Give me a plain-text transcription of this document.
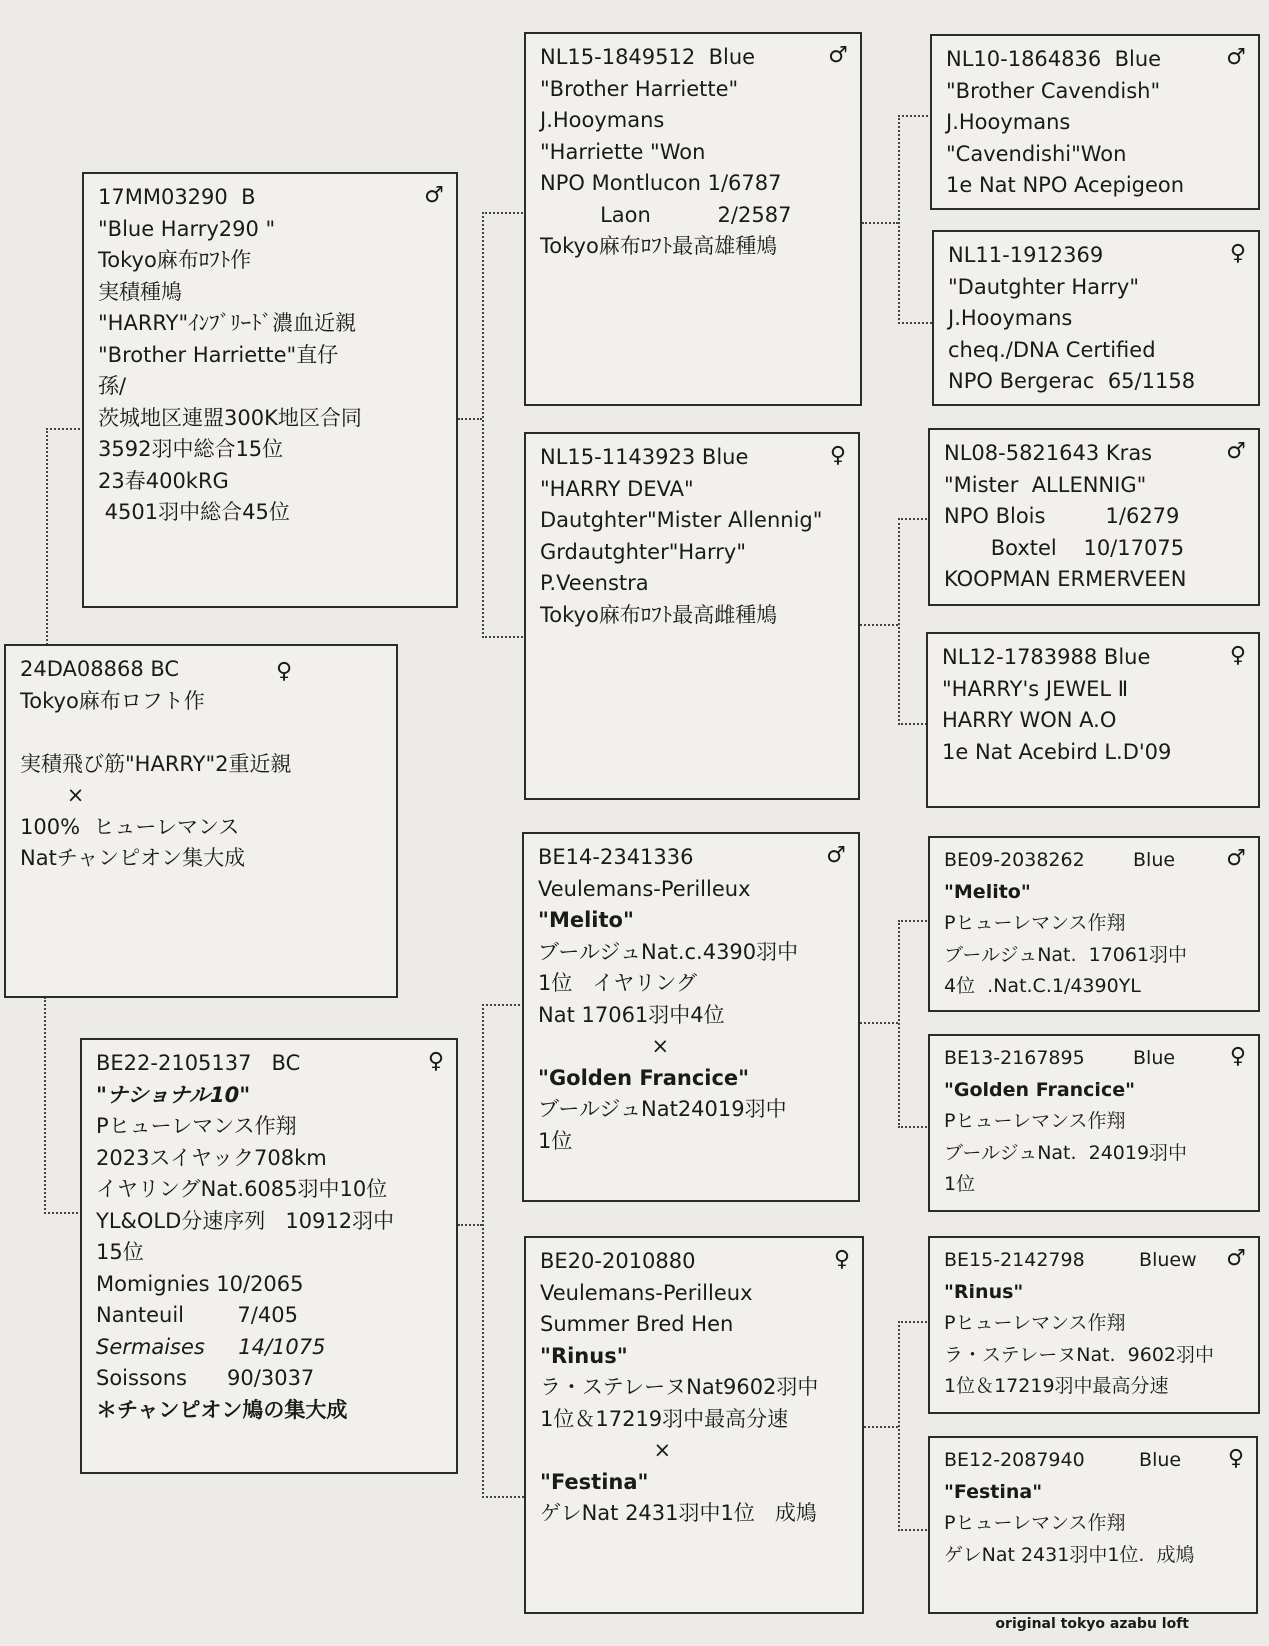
24DA08868 BC	♀
Tokyo麻布ロフト作
実積飛び筋"HARRY"2重近親
×
100%  ヒューレマンス
Natチャンピオン集大成
17MM03290  B	♂
"Blue Harry290 "
Tokyo麻布ﾛﾌﾄ作
実積種鳩
"HARRY"ｲﾝﾌﾞﾘｰﾄﾞ濃血近親
"Brother Harriette"直仔
孫/
茨城地区連盟300K地区合同
3592羽中総合15位
23春400kRG
4501羽中総合45位
BE22-2105137   BC	♀
"ナショナル10"
Pヒューレマンス作翔
2023スイヤック708km
イヤリングNat.6085羽中10位
YL&OLD分速序列   10912羽中
15位
Momignies 10/2065
Nanteuil        7/405
Sermaises     14/1075
Soissons      90/3037
＊チャンピオン鳩の集大成
NL15-1849512  Blue	♂
"Brother Harriette"
J.Hooymans
"Harriette "Won
NPO Montlucon 1/6787
Laon          2/2587
Tokyo麻布ﾛﾌﾄ最高雄種鳩
NL15-1143923 Blue	♀
"HARRY DEVA"
Dautghter"Mister Allennig"
Grdautghter"Harry"
P.Veenstra
Tokyo麻布ﾛﾌﾄ最高雌種鳩
BE14-2341336	♂
Veulemans-Perilleux
"Melito"
ブールジュNat.c.4390羽中
1位   イヤリング
Nat 17061羽中4位
×
"Golden Francice"
ブールジュNat24019羽中
1位
BE20-2010880	♀
Veulemans-Perilleux
Summer Bred Hen
"Rinus"
ラ・ステレーヌNat9602羽中
1位＆17219羽中最高分速
×
"Festina"
ゲレNat 2431羽中1位   成鳩
NL10-1864836  Blue	♂
"Brother Cavendish"
J.Hooymans
"Cavendishi"Won
1e Nat NPO Acepigeon
NL11-1912369	♀
"Dautghter Harry"
J.Hooymans
cheq./DNA Certified
NPO Bergerac  65/1158
NL08-5821643 Kras	♂
"Mister  ALLENNIG"
NPO Blois         1/6279
Boxtel    10/17075
KOOPMAN ERMERVEEN
NL12-1783988 Blue	♀
"HARRY's JEWEL Ⅱ
HARRY WON A.O
1e Nat Acebird L.D'09
BE09-2038262        Blue	♂
"Melito"
Pヒューレマンス作翔
ブールジュNat.  17061羽中
4位  .Nat.C.1/4390YL
BE13-2167895        Blue	♀
"Golden Francice"
Pヒューレマンス作翔
ブールジュNat.  24019羽中
1位
BE15-2142798         Bluew	♂
"Rinus"
Pヒューレマンス作翔
ラ・ステレーヌNat.  9602羽中
1位＆17219羽中最高分速
BE12-2087940         Blue	♀
"Festina"
Pヒューレマンス作翔
ゲレNat 2431羽中1位.  成鳩
original tokyo azabu loft
